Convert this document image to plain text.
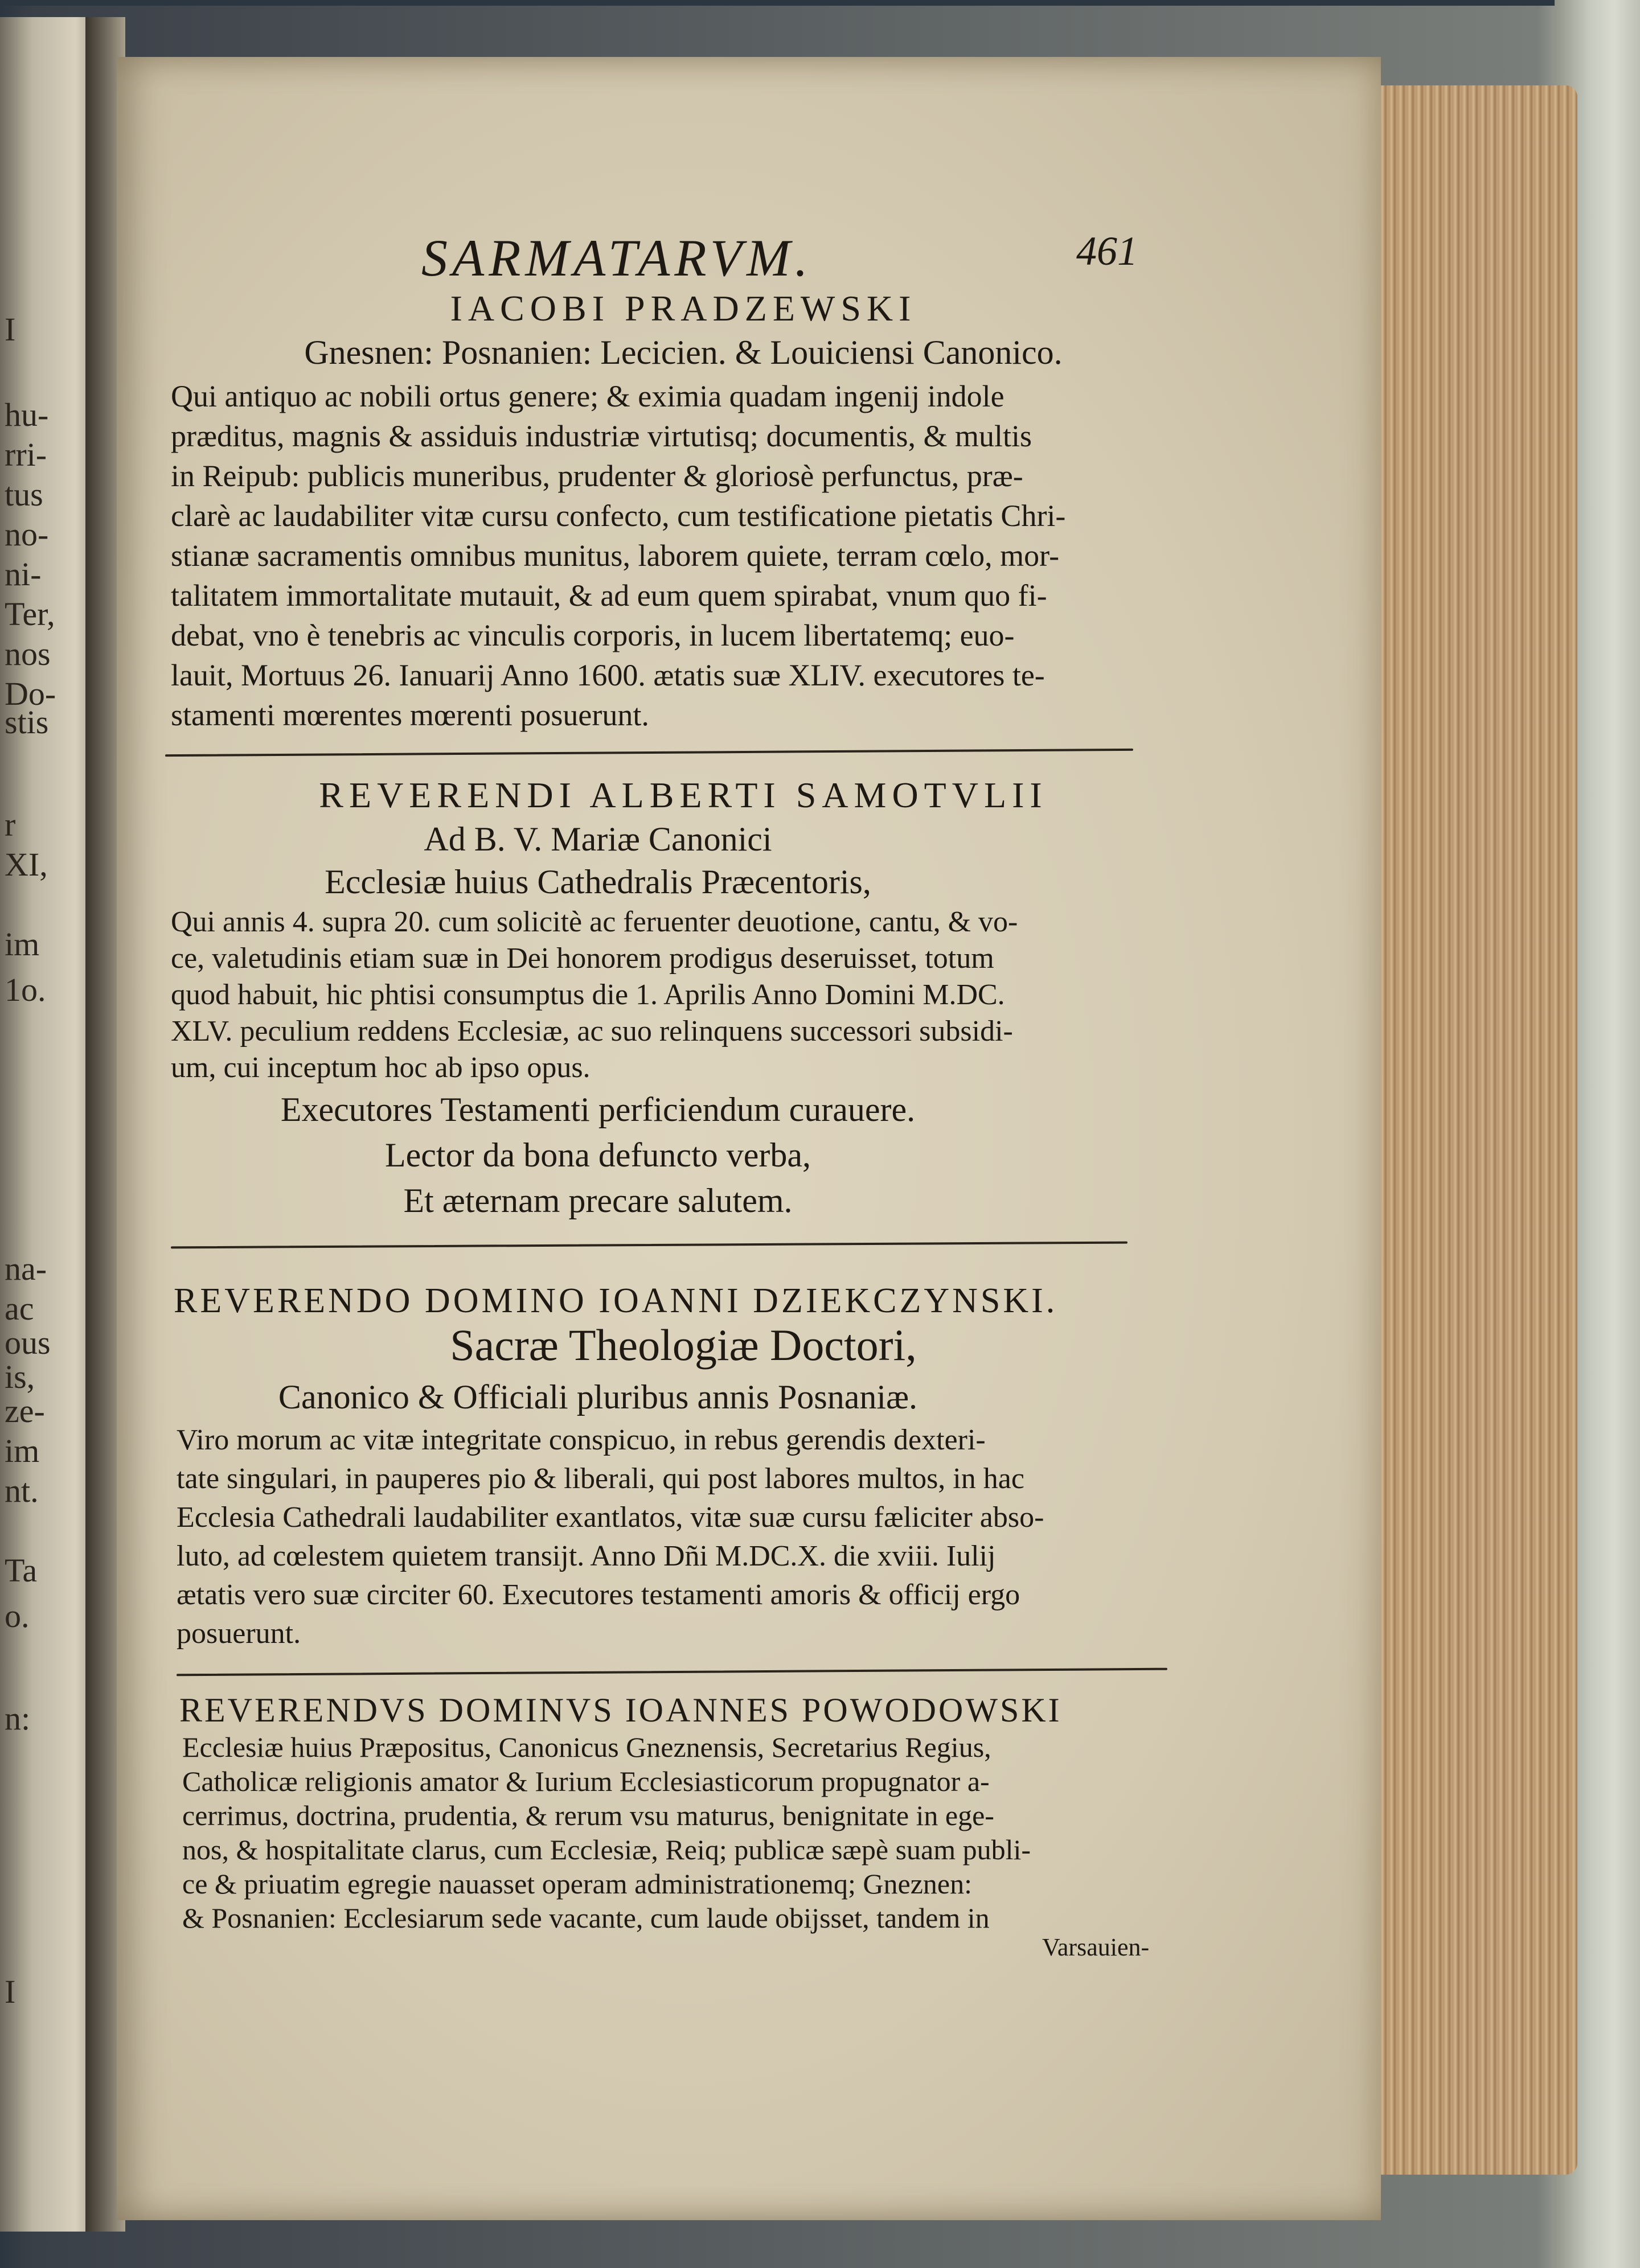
I
hu-
rri-
tus
no-
ni-
Ter,
nos
Do-
stis
r
XI,
im
1o.
na-
ac
ous
is,
ze-
im
nt.
Ta
o.
n:
I
SARMATARVM.	461
IACOBI PRADZEWSKI
Gnesnen: Posnanien: Lecicien. & Louiciensi Canonico.
Qui antiquo ac nobili ortus genere; & eximia quadam ingenij indole
præditus, magnis & assiduis industriæ virtutisq; documentis, & multis
in Reipub: publicis muneribus, prudenter & gloriosè perfunctus, præ-
clarè ac laudabiliter vitæ cursu confecto, cum testificatione pietatis Chri-
stianæ sacramentis omnibus munitus, laborem quiete, terram cœlo, mor-
talitatem immortalitate mutauit, & ad eum quem spirabat, vnum quo fi-
debat, vno è tenebris ac vinculis corporis, in lucem libertatemq; euo-
lauit, Mortuus 26. Ianuarij Anno 1600. ætatis suæ XLIV. executores te-
stamenti mœrentes mœrenti posuerunt.
REVERENDI ALBERTI SAMOTVLII
Ad B. V. Mariæ Canonici
Ecclesiæ huius Cathedralis Præcentoris,
Qui annis 4. supra 20. cum solicitè ac feruenter deuotione, cantu, & vo-
ce, valetudinis etiam suæ in Dei honorem prodigus deseruisset, totum
quod habuit, hic phtisi consumptus die 1. Aprilis Anno Domini M.DC.
XLV. peculium reddens Ecclesiæ, ac suo relinquens successori subsidi-
um, cui inceptum hoc ab ipso opus.
Executores Testamenti perficiendum curauere.
Lector da bona defuncto verba,
Et æternam precare salutem.
REVERENDO DOMINO IOANNI DZIEKCZYNSKI.
Sacræ Theologiæ Doctori,
Canonico & Officiali pluribus annis Posnaniæ.
Viro morum ac vitæ integritate conspicuo, in rebus gerendis dexteri-
tate singulari, in pauperes pio & liberali, qui post labores multos, in hac
Ecclesia Cathedrali laudabiliter exantlatos, vitæ suæ cursu fæliciter abso-
luto, ad cœlestem quietem transijt. Anno Dñi M.DC.X. die xviii. Iulij
ætatis vero suæ circiter 60. Executores testamenti amoris & officij ergo
posuerunt.
REVERENDVS DOMINVS IOANNES POWODOWSKI
Ecclesiæ huius Præpositus, Canonicus Gneznensis, Secretarius Regius,
Catholicæ religionis amator & Iurium Ecclesiasticorum propugnator a-
cerrimus, doctrina, prudentia, & rerum vsu maturus, benignitate in ege-
nos, & hospitalitate clarus, cum Ecclesiæ, Reiq; publicæ sæpè suam publi-
ce & priuatim egregie nauasset operam administrationemq; Gneznen:
& Posnanien: Ecclesiarum sede vacante, cum laude obijsset, tandem in
Varsauien-
